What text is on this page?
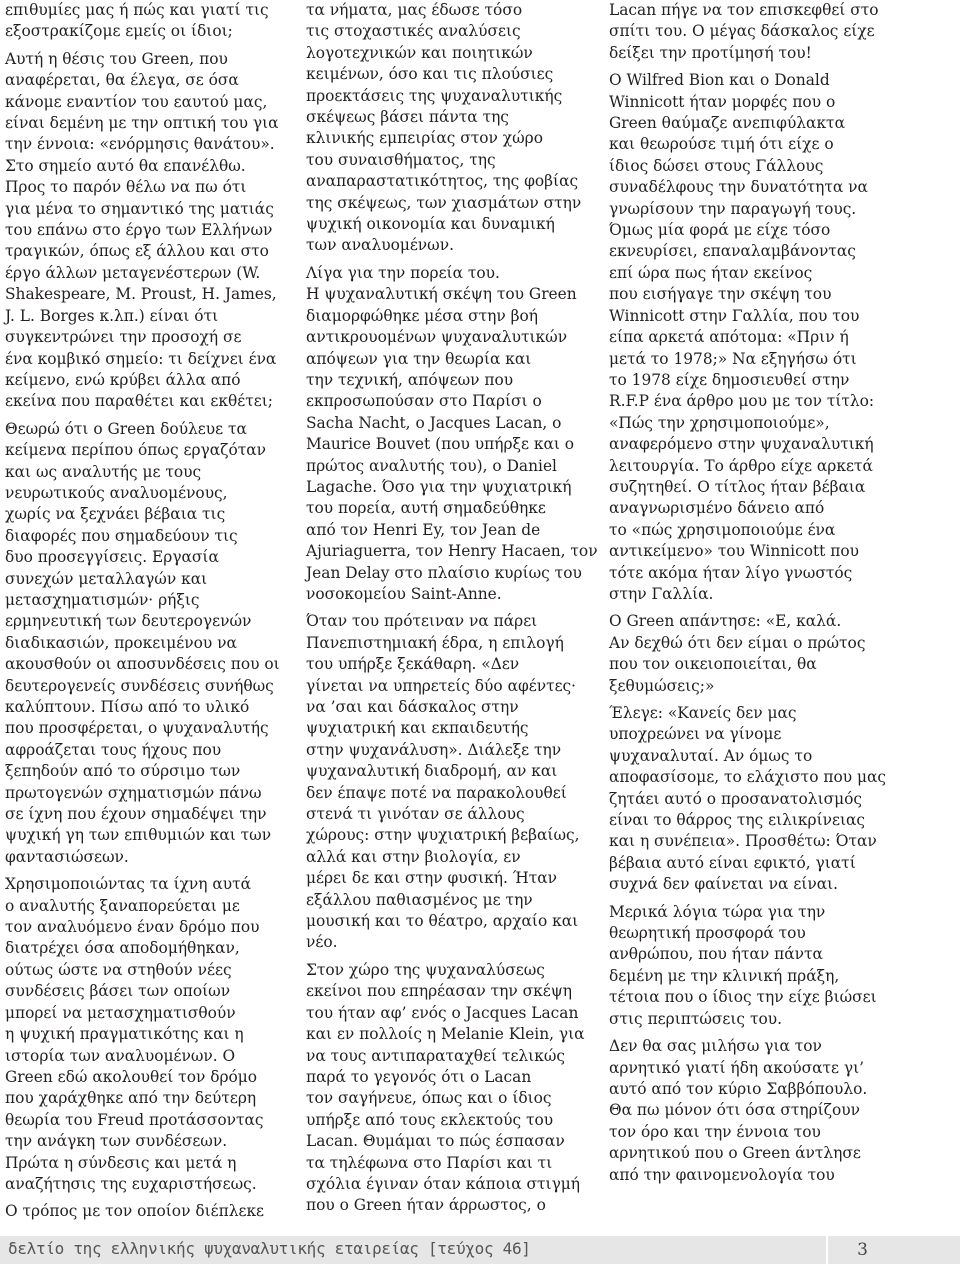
επιθυμίες μας ή πώς και γιατί τις
εξοστρακίζομε εμείς οι ίδιοι;
Αυτή η θέσις του Green, που
αναφέρεται, θα έλεγα, σε όσα
κάνομε εναντίον του εαυτού μας,
είναι δεμένη με την οπτική του για
την έννοια: «ενόρμησις θανάτου».
Στο σημείο αυτό θα επανέλθω.
Προς το παρόν θέλω να πω ότι
για μένα το σημαντικό της ματιάς
του επάνω στο έργο των Ελλήνων
τραγικών, όπως εξ άλλου και στο
έργο άλλων μεταγενέστερων (W.
Shakespeare, M. Proust, H. James,
J. L. Borges κ.λπ.) είναι ότι
συγκεντρώνει την προσοχή σε
ένα κομβικό σημείο: τι δείχνει ένα
κείμενο, ενώ κρύβει άλλα από
εκείνα που παραθέτει και εκθέτει;
Θεωρώ ότι ο Green δούλευε τα
κείμενα περίπου όπως εργαζόταν
και ως αναλυτής με τους
νευρωτικούς αναλυομένους,
χωρίς να ξεχνάει βέβαια τις
διαφορές που σημαδεύουν τις
δυο προσεγγίσεις. Εργασία
συνεχών μεταλλαγών και
μετασχηματισμών· ρήξις
ερμηνευτική των δευτερογενών
διαδικασιών, προκειμένου να
ακουσθούν οι αποσυνδέσεις που οι
δευτερογενείς συνδέσεις συνήθως
καλύπτουν. Πίσω από το υλικό
που προσφέρεται, ο ψυχαναλυτής
αφροάζεται τους ήχους που
ξεπηδούν από το σύρσιμο των
πρωτογενών σχηματισμών πάνω
σε ίχνη που έχουν σημαδέψει την
ψυχική γη των επιθυμιών και των
φαντασιώσεων.
Χρησιμοποιώντας τα ίχνη αυτά
ο αναλυτής ξαναπορεύεται με
τον αναλυόμενο έναν δρόμο που
διατρέχει όσα αποδομήθηκαν,
ούτως ώστε να στηθούν νέες
συνδέσεις βάσει των οποίων
μπορεί να μετασχηματισθούν
η ψυχική πραγματικότης και η
ιστορία των αναλυομένων. Ο
Green εδώ ακολουθεί τον δρόμο
που χαράχθηκε από την δεύτερη
θεωρία του Freud προτάσσοντας
την ανάγκη των συνδέσεων.
Πρώτα η σύνδεσις και μετά η
αναζήτησις της ευχαριστήσεως.
Ο τρόπος με τον οποίον διέπλεκε
τα νήματα, μας έδωσε τόσο
τις στοχαστικές αναλύσεις
λογοτεχνικών και ποιητικών
κειμένων, όσο και τις πλούσιες
προεκτάσεις της ψυχαναλυτικής
σκέψεως βάσει πάντα της
κλινικής εμπειρίας στον χώρο
του συναισθήματος, της
αναπαραστατικότητος, της φοβίας
της σκέψεως, των χιασμάτων στην
ψυχική οικονομία και δυναμική
των αναλυομένων.
Λίγα για την πορεία του.
Η ψυχαναλυτική σκέψη του Green
διαμορφώθηκε μέσα στην βοή
αντικρουομένων ψυχαναλυτικών
απόψεων για την θεωρία και
την τεχνική, απόψεων που
εκπροσωπούσαν στο Παρίσι ο
Sacha Nacht, o Jacques Lacan, o
Maurice Bouvet (που υπήρξε και ο
πρώτος αναλυτής του), ο Daniel
Lagache. Όσο για την ψυχιατρική
του πορεία, αυτή σημαδεύθηκε
από τον Henri Ey, τον Jean de
Ajuriaguerra, τον Henry Hacaen, τον
Jean Delay στο πλαίσιο κυρίως του
νοσοκομείου Saint-Anne.
Όταν του πρότειναν να πάρει
Πανεπιστημιακή έδρα, η επιλογή
του υπήρξε ξεκάθαρη. «Δεν
γίνεται να υπηρετείς δύο αφέντες·
να ’σαι και δάσκαλος στην
ψυχιατρική και εκπαιδευτής
στην ψυχανάλυση». Διάλεξε την
ψυχαναλυτική διαδρομή, αν και
δεν έπαψε ποτέ να παρακολουθεί
στενά τι γινόταν σε άλλους
χώρους: στην ψυχιατρική βεβαίως,
αλλά και στην βιολογία, εν
μέρει δε και στην φυσική. Ήταν
εξάλλου παθιασμένος με την
μουσική και το θέατρο, αρχαίο και
νέο.
Στον χώρο της ψυχαναλύσεως
εκείνοι που επηρέασαν την σκέψη
του ήταν αφ’ ενός ο Jacques Lacan
και εν πολλοίς η Melanie Klein, για
να τους αντιπαραταχθεί τελικώς
παρά το γεγονός ότι ο Lacan
τον σαγήνευε, όπως και ο ίδιος
υπήρξε από τους εκλεκτούς του
Lacan. Θυμάμαι το πώς έσπασαν
τα τηλέφωνα στο Παρίσι και τι
σχόλια έγιναν όταν κάποια στιγμή
που ο Green ήταν άρρωστος, ο
Lacan πήγε να τον επισκεφθεί στο
σπίτι του. Ο μέγας δάσκαλος είχε
δείξει την προτίμησή του!
Ο Wilfred Bion και ο Donald
Winnicott ήταν μορφές που ο
Green θαύμαζε ανεπιφύλακτα
και θεωρούσε τιμή ότι είχε ο
ίδιος δώσει στους Γάλλους
συναδέλφους την δυνατότητα να
γνωρίσουν την παραγωγή τους.
Όμως μία φορά με είχε τόσο
εκνευρίσει, επαναλαμβάνοντας
επί ώρα πως ήταν εκείνος
που εισήγαγε την σκέψη του
Winnicott στην Γαλλία, που του
είπα αρκετά απότομα: «Πριν ή
μετά το 1978;» Να εξηγήσω ότι
το 1978 είχε δημοσιευθεί στην
R.F.P ένα άρθρο μου με τον τίτλο:
«Πώς την χρησιμοποιούμε»,
αναφερόμενο στην ψυχαναλυτική
λειτουργία. Το άρθρο είχε αρκετά
συζητηθεί. Ο τίτλος ήταν βέβαια
αναγνωρισμένο δάνειο από
το «πώς χρησιμοποιούμε ένα
αντικείμενο» του Winnicott που
τότε ακόμα ήταν λίγο γνωστός
στην Γαλλία.
Ο Green απάντησε: «Ε, καλά.
Αν δεχθώ ότι δεν είμαι ο πρώτος
που τον οικειοποιείται, θα
ξεθυμώσεις;»
Έλεγε: «Κανείς δεν μας
υποχρεώνει να γίνομε
ψυχαναλυταί. Αν όμως το
αποφασίσομε, το ελάχιστο που μας
ζητάει αυτό ο προσανατολισμός
είναι το θάρρος της ειλικρίνειας
και η συνέπεια». Προσθέτω: Όταν
βέβαια αυτό είναι εφικτό, γιατί
συχνά δεν φαίνεται να είναι.
Μερικά λόγια τώρα για την
θεωρητική προσφορά του
ανθρώπου, που ήταν πάντα
δεμένη με την κλινική πράξη,
τέτοια που ο ίδιος την είχε βιώσει
στις περιπτώσεις του.
Δεν θα σας μιλήσω για τον
αρνητικό γιατί ήδη ακούσατε γι’
αυτό από τον κύριο Σαββόπουλο.
Θα πω μόνον ότι όσα στηρίζουν
τον όρο και την έννοια του
αρνητικού που ο Green άντλησε
από την φαινομενολογία του
δελτίο της ελληνικής ψυχαναλυτικής εταιρείας [τεύχος 46]	3
